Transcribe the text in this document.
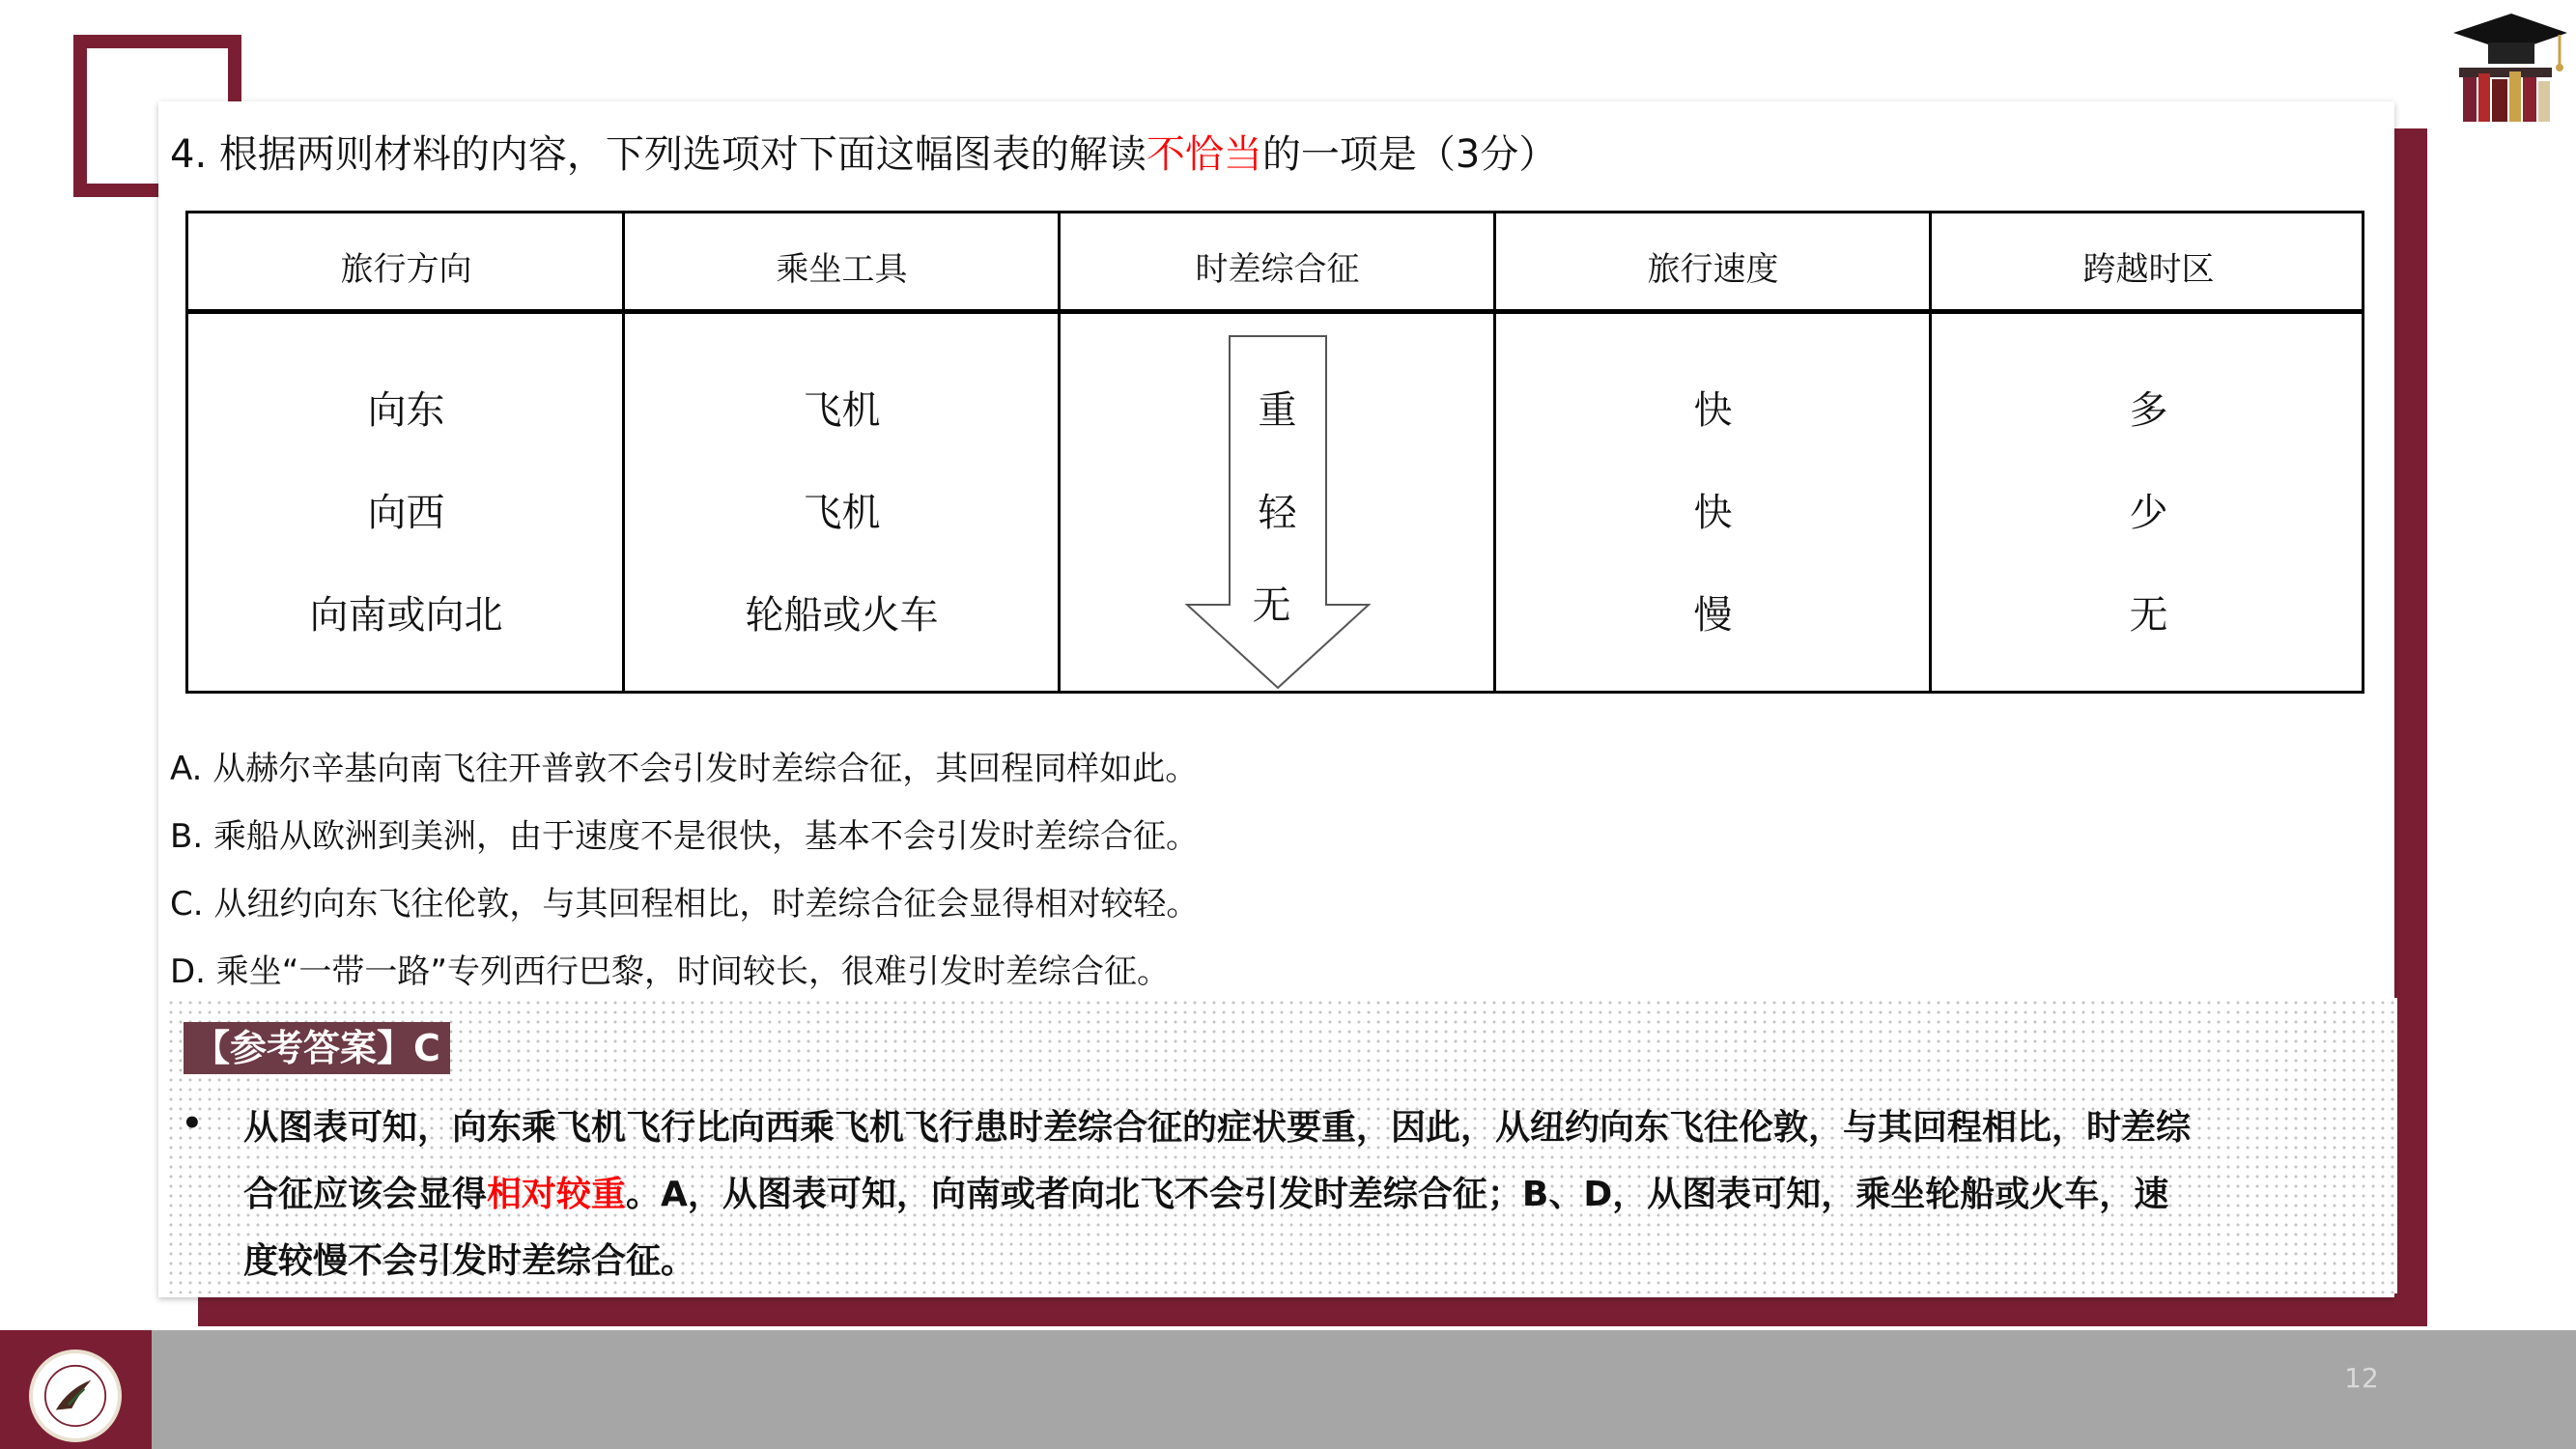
4. 根据两则材料的内容，下列选项对下面这幅图表的解读不恰当的一项是（3分）
旅行方向	乘坐工具	时差综合征	旅行速度	跨越时区
向东	飞机	重	快	多
向西	飞机	轻	快	少
向南或向北	轮船或火车	无	慢	无
A. 从赫尔辛基向南飞往开普敦不会引发时差综合征，其回程同样如此。
B. 乘船从欧洲到美洲，由于速度不是很快，基本不会引发时差综合征。
C. 从纽约向东飞往伦敦，与其回程相比，时差综合征会显得相对较轻。
D. 乘坐“一带一路”专列西行巴黎，时间较长，很难引发时差综合征。
【参考答案】C
• 从图表可知，向东乘飞机飞行比向西乘飞机飞行患时差综合征的症状要重，因此，从纽约向东飞往伦敦，与其回程相比，时差综
合征应该会显得相对较重。A，从图表可知，向南或者向北飞不会引发时差综合征；B、D，从图表可知，乘坐轮船或火车，速
度较慢不会引发时差综合征。
12
